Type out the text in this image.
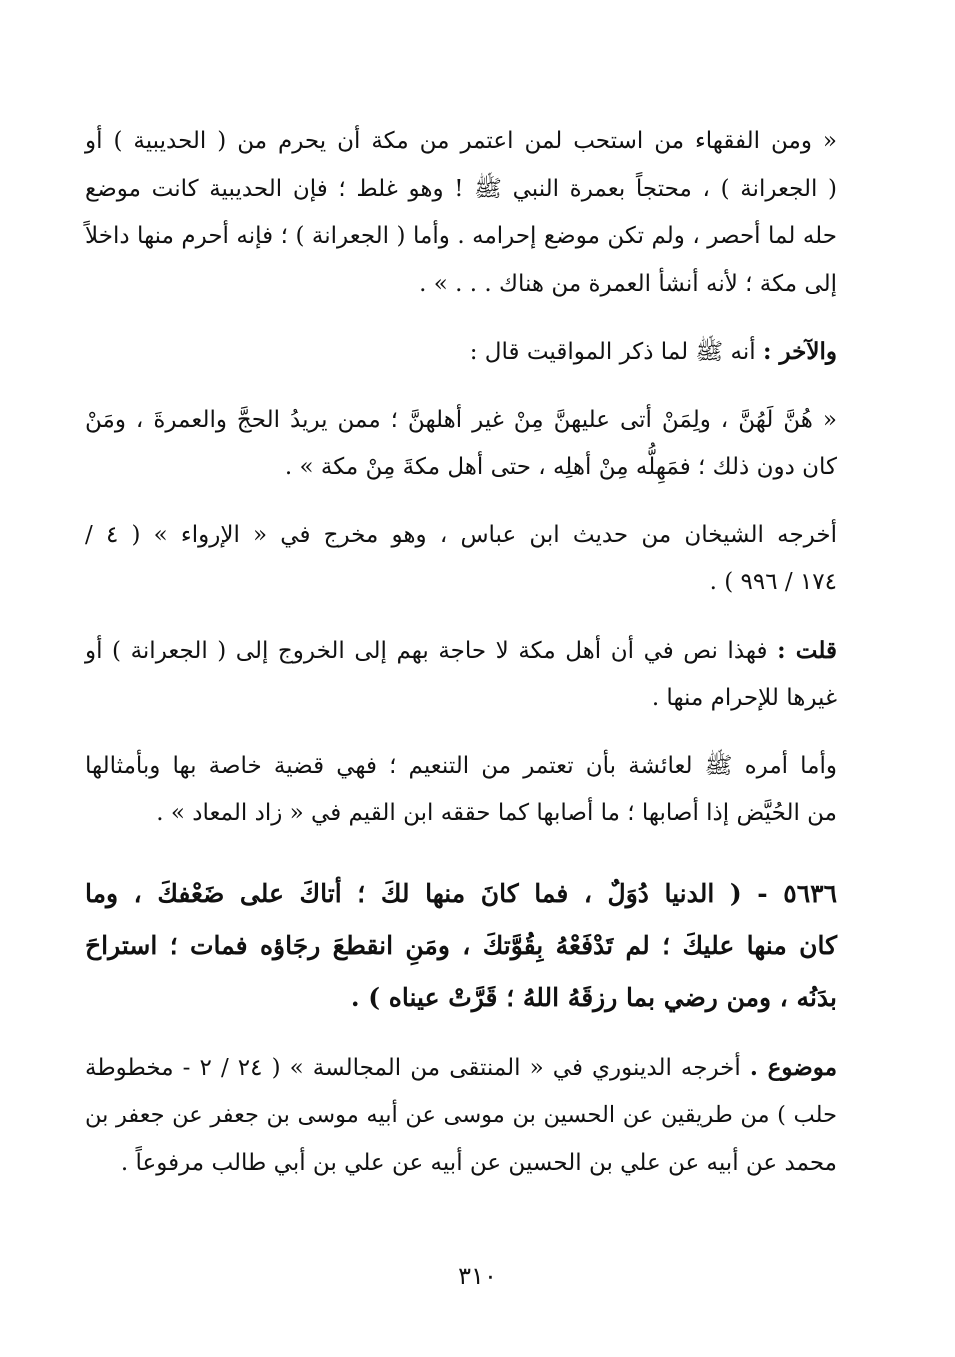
« ومن الفقهاء من استحب لمن اعتمر من مكة أن يحرم من ( الحديبية ) أو
( الجعرانة ) ، محتجاً بعمرة النبي ﷺ ! وهو غلط ؛ فإن الحديبية كانت موضع
حله لما أحصر ، ولم تكن موضع إحرامه . وأما ( الجعرانة ) ؛ فإنه أحرم منها داخلاً
إلى مكة ؛ لأنه أنشأ العمرة من هناك . . . » .

والآخر : أنه ﷺ لما ذكر المواقيت قال :

« هُنَّ لَهُنَّ ، ولِمَنْ أتى عليهنَّ مِنْ غير أهلهنَّ ؛ ممن يريدُ الحجَّ والعمرةَ ، ومَنْ
كان دون ذلك ؛ فمَهِلُّه مِنْ أهلِه ، حتى أهل مكةَ مِنْ مكة » .

أخرجه الشيخان من حديث ابن عباس ، وهو مخرج في « الإرواء » ( ٤ /
١٧٤ / ٩٩٦ ) .

قلت : فهذا نص في أن أهل مكة لا حاجة بهم إلى الخروج إلى ( الجعرانة ) أو
غيرها للإحرام منها .

وأما أمره ﷺ لعائشة بأن تعتمر من التنعيم ؛ فهي قضية خاصة بها وبأمثالها
من الحُيَّض إذا أصابها ؛ ما أصابها كما حققه ابن القيم في « زاد المعاد » .

٥٦٣٦ - ( الدنيا دُوَلٌ ، فما كانَ منها لكَ ؛ أتاكَ على ضَعْفكَ ، وما
كان منها عليكَ ؛ لم تَدْفَعْهُ بِقُوَّتكَ ، ومَنِ انقطعَ رجَاؤه فمات ؛ استراحَ
بدَنُه ، ومن رضي بما رزقَهُ اللهُ ؛ قَرَّتْ عيناه ) .

موضوع . أخرجه الدينوري في « المنتقى من المجالسة » ( ٢٤ / ٢ - مخطوطة
حلب ) من طريقين عن الحسين بن موسى عن أبيه موسى بن جعفر عن جعفر بن
محمد عن أبيه عن علي بن الحسين عن أبيه عن علي بن أبي طالب مرفوعاً .

٣١٠
